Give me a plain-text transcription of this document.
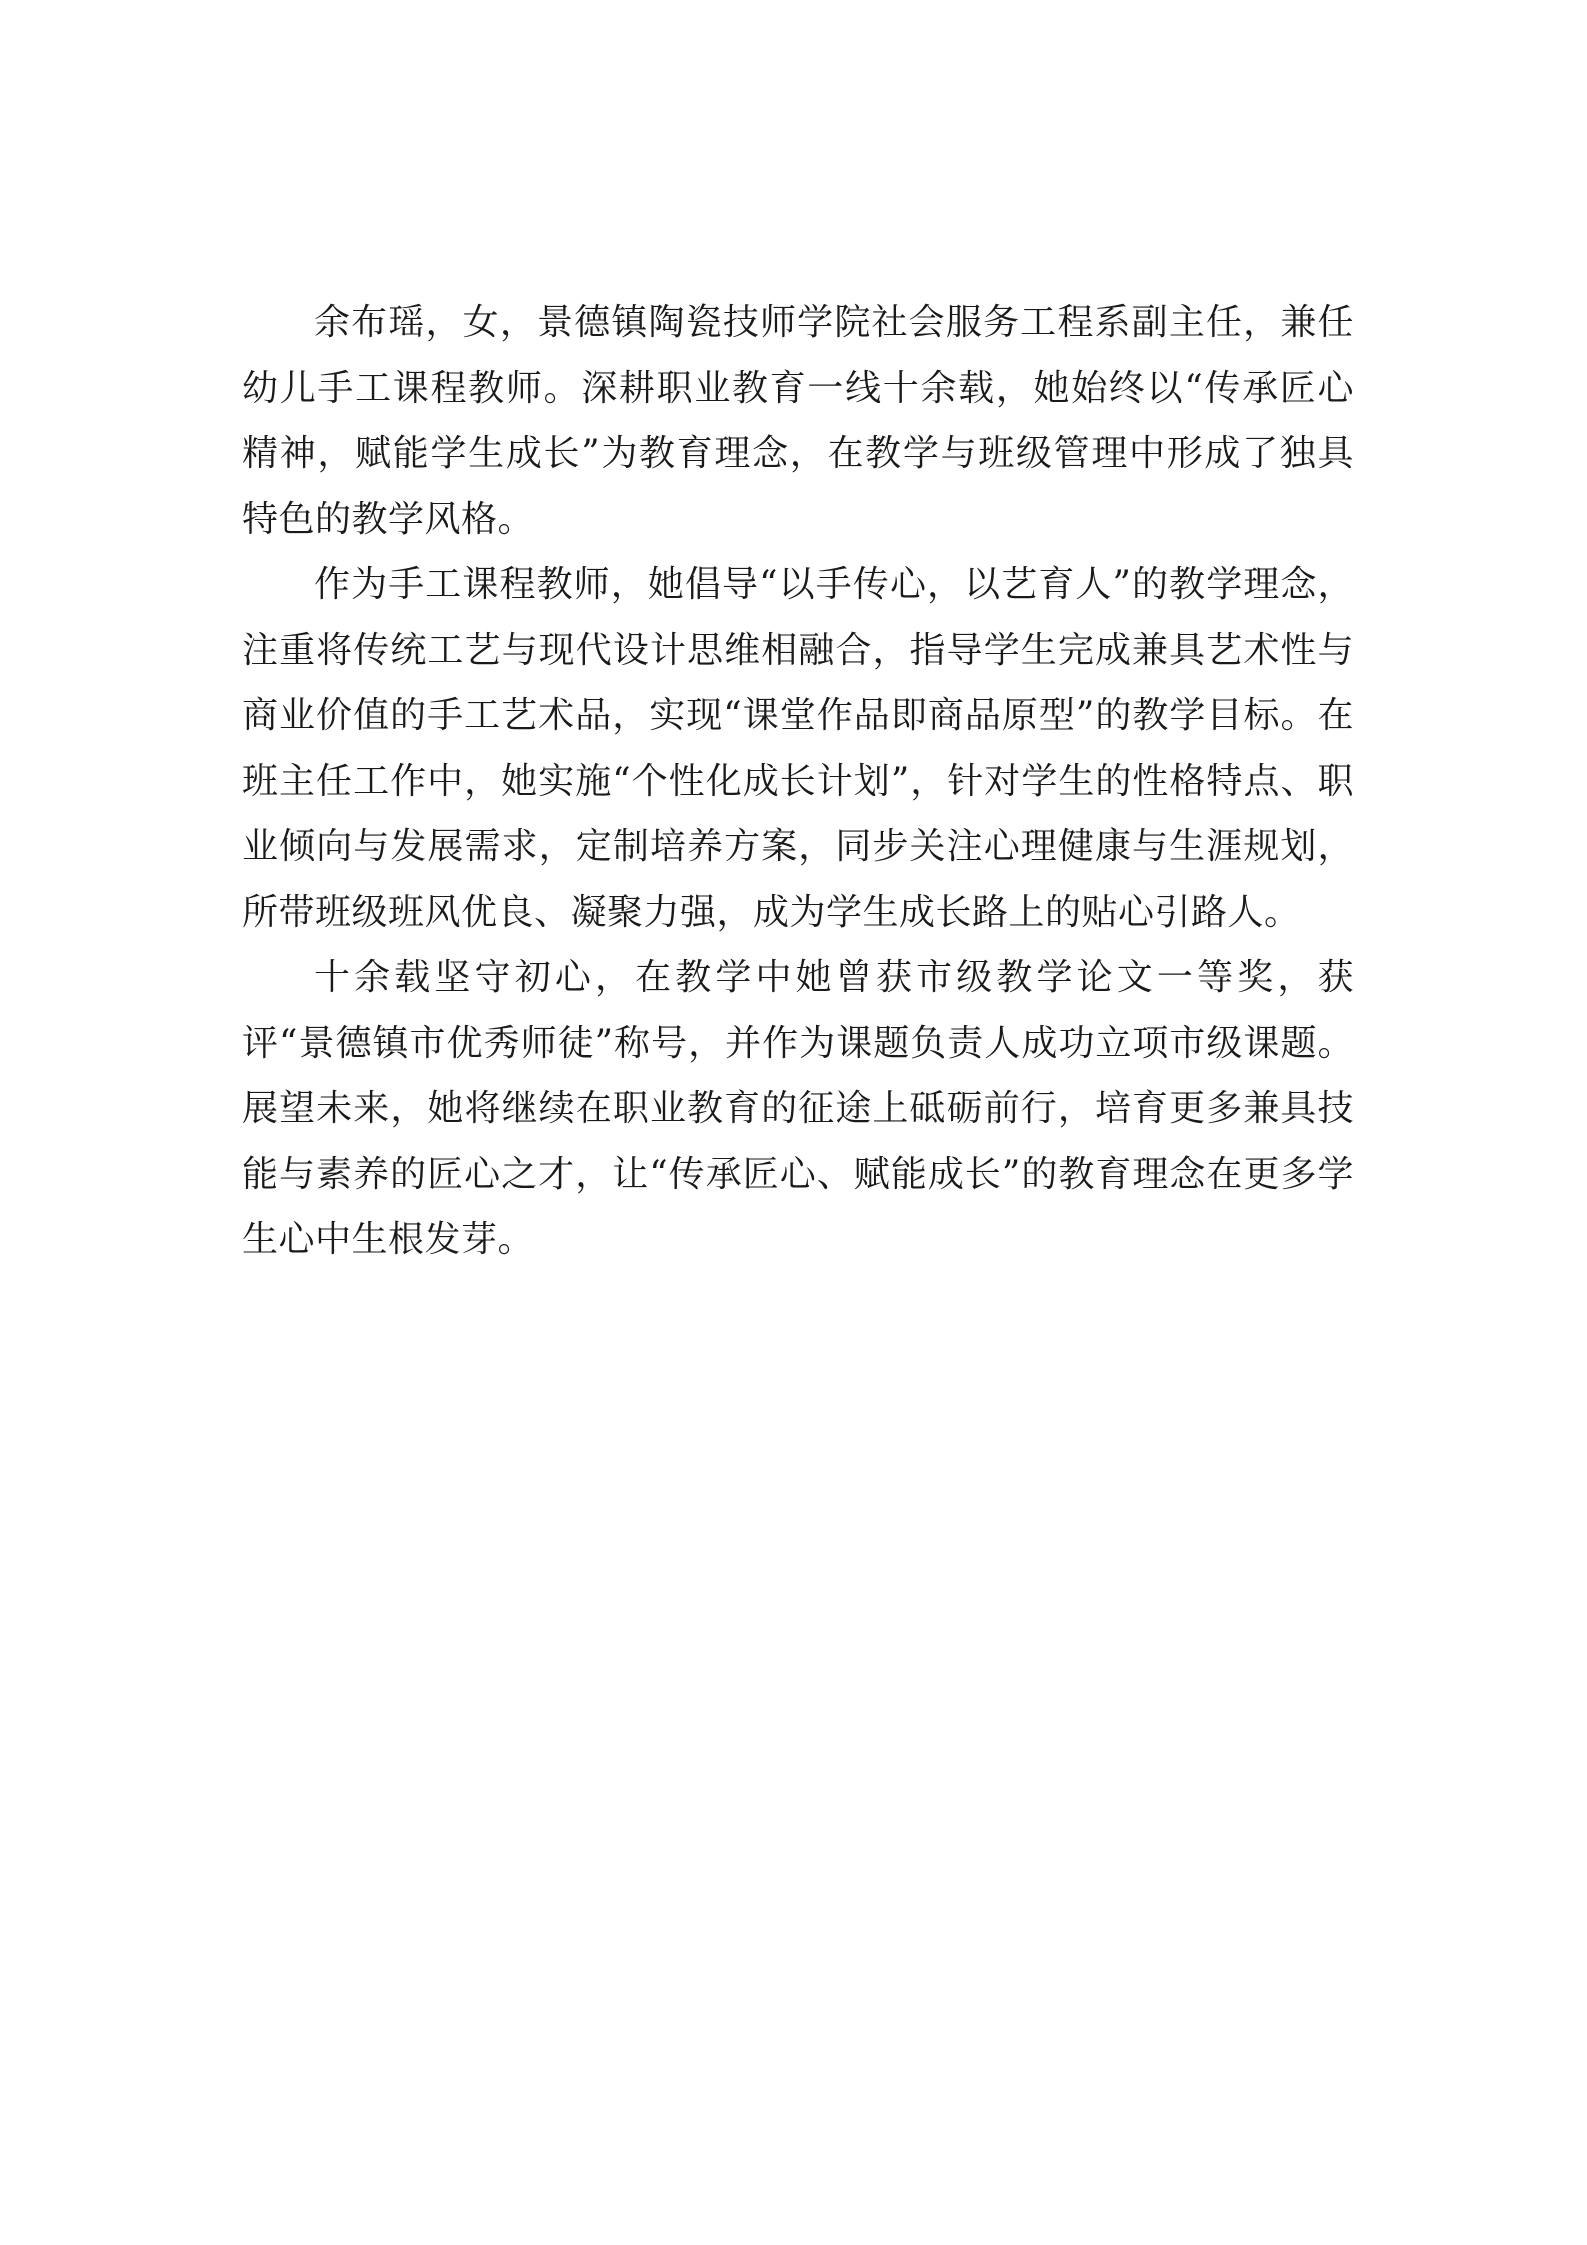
余布瑶，女，景德镇陶瓷技师学院社会服务工程系副主任，兼任幼儿手工课程教师。深耕职业教育一线十余载，她始终以“传承匠心精神，赋能学生成长”为教育理念，在教学与班级管理中形成了独具特色的教学风格。

作为手工课程教师，她倡导“以手传心，以艺育人”的教学理念，注重将传统工艺与现代设计思维相融合，指导学生完成兼具艺术性与商业价值的手工艺术品，实现“课堂作品即商品原型”的教学目标。在班主任工作中，她实施“个性化成长计划”，针对学生的性格特点、职业倾向与发展需求，定制培养方案，同步关注心理健康与生涯规划，所带班级班风优良、凝聚力强，成为学生成长路上的贴心引路人。

十余载坚守初心，在教学中她曾获市级教学论文一等奖，获评“景德镇市优秀师徒”称号，并作为课题负责人成功立项市级课题。展望未来，她将继续在职业教育的征途上砥砺前行，培育更多兼具技能与素养的匠心之才，让“传承匠心、赋能成长”的教育理念在更多学生心中生根发芽。
